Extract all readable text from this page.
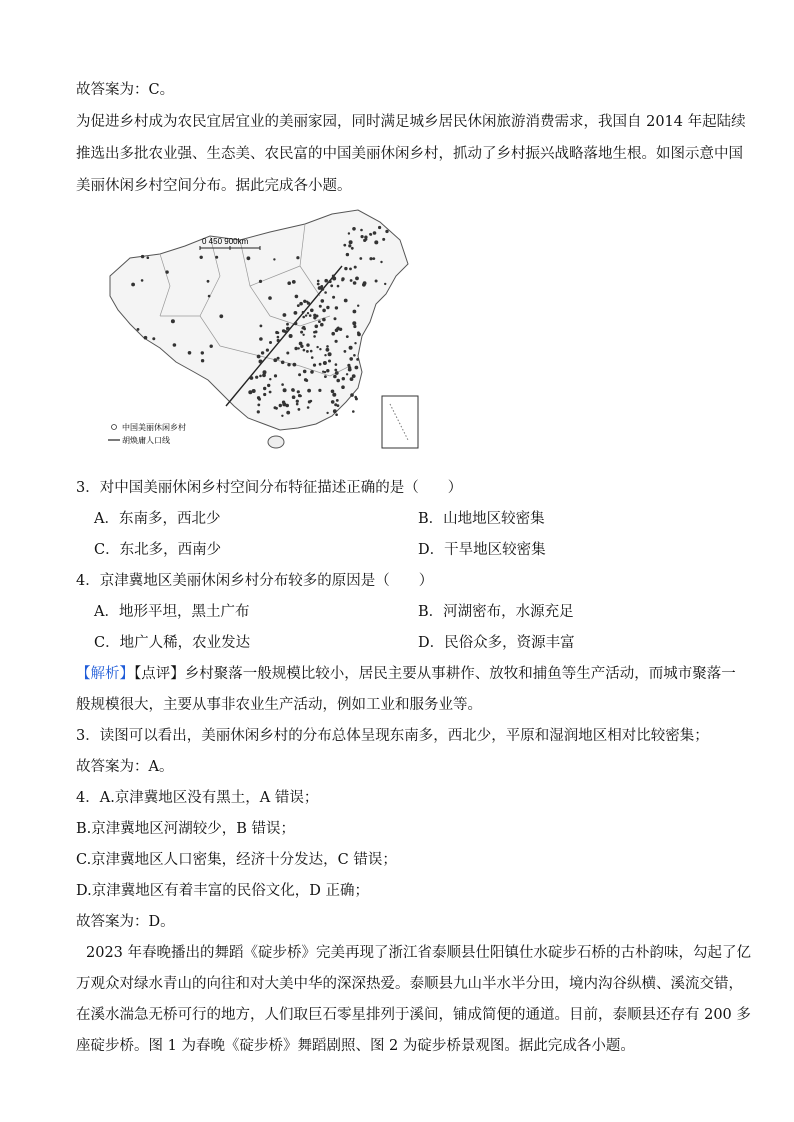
故答案为：C。
为促进乡村成为农民宜居宜业的美丽家园，同时满足城乡居民休闲旅游消费需求，我国自 2014 年起陆续
推选出多批农业强、生态美、农民富的中国美丽休闲乡村，抓动了乡村振兴战略落地生根。如图示意中国
美丽休闲乡村空间分布。据此完成各小题。
0 450 900km
中国美丽休闲乡村
胡焕庸人口线
3．对中国美丽休闲乡村空间分布特征描述正确的是（　　）
A．东南多，西北少	B．山地地区较密集
C．东北多，西南少	D．干旱地区较密集
4．京津冀地区美丽休闲乡村分布较多的原因是（　　）
A．地形平坦，黑土广布	B．河湖密布，水源充足
C．地广人稀，农业发达	D．民俗众多，资源丰富
【解析】【点评】乡村聚落一般规模比较小，居民主要从事耕作、放牧和捕鱼等生产活动，而城市聚落一
般规模很大，主要从事非农业生产活动，例如工业和服务业等。
3．读图可以看出，美丽休闲乡村的分布总体呈现东南多，西北少，平原和湿润地区相对比较密集；
故答案为：A。
4．A.京津冀地区没有黑土，A 错误；
B.京津冀地区河湖较少，B 错误；
C.京津冀地区人口密集，经济十分发达，C 错误；
D.京津冀地区有着丰富的民俗文化，D 正确；
故答案为：D。
2023 年春晚播出的舞蹈《碇步桥》完美再现了浙江省泰顺县仕阳镇仕水碇步石桥的古朴韵味，勾起了亿
万观众对绿水青山的向往和对大美中华的深深热爱。泰顺县九山半水半分田，境内沟谷纵横、溪流交错，
在溪水湍急无桥可行的地方，人们取巨石零星排列于溪间，铺成简便的通道。目前，泰顺县还存有 200 多
座碇步桥。图 1 为春晚《碇步桥》舞蹈剧照、图 2 为碇步桥景观图。据此完成各小题。
